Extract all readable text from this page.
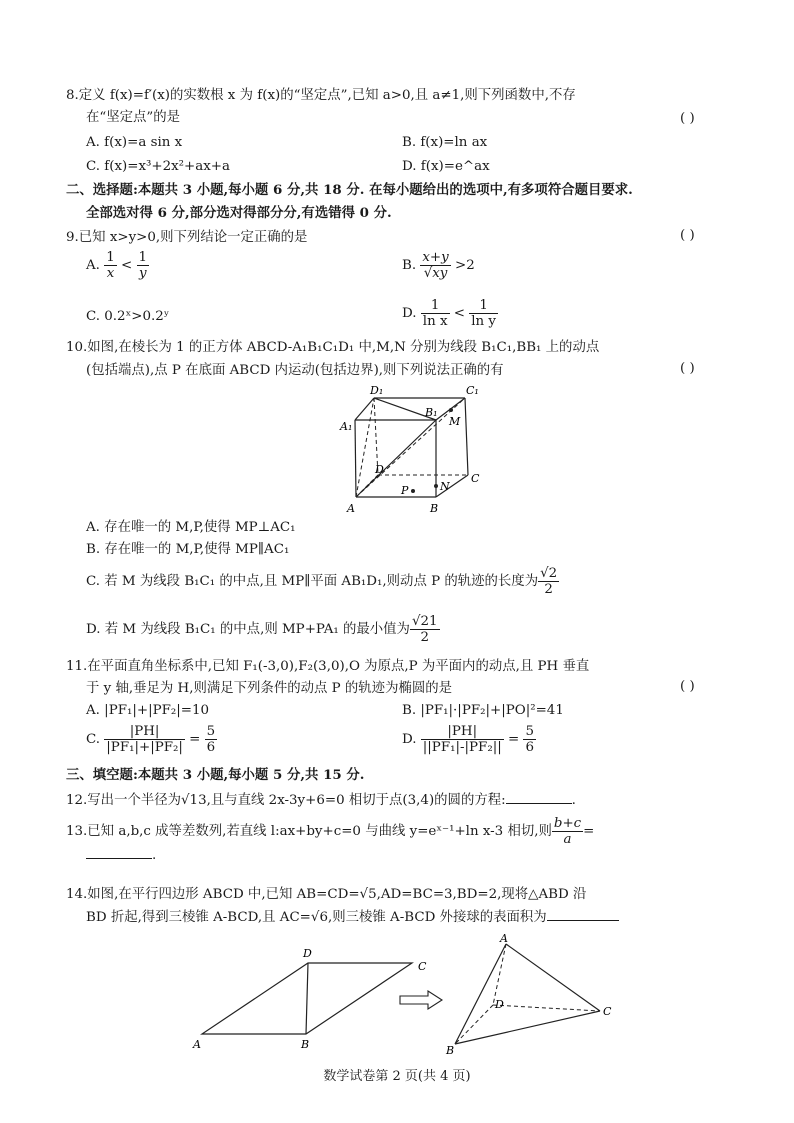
8.定义 f(x)=f′(x)的实数根 x 为 f(x)的“坚定点”,已知 a>0,且 a≠1,则下列函数中,不存
在“坚定点”的是	( )
A. f(x)=a sin x	B. f(x)=ln ax
C. f(x)=x³+2x²+ax+a	D. f(x)=e^ax
二、选择题:本题共 3 小题,每小题 6 分,共 18 分. 在每小题给出的选项中,有多项符合题目要求.
全部选对得 6 分,部分选对得部分分,有选错得 0 分.
9.已知 x>y>0,则下列结论一定正确的是	( )
A. $\frac{1}{x} < \frac{1}{y}$	B. $\frac{x+y}{√xy} >2$
C. 0.2ˣ>0.2ʸ	D. $\frac{1}{\text{ln x}} < \frac{1}{\text{ln y}}$
10.如图,在棱长为 1 的正方体 ABCD-A₁B₁C₁D₁ 中,M,N 分别为线段 B₁C₁,BB₁ 上的动点
(包括端点),点 P 在底面 ABCD 内运动(包括边界),则下列说法正确的有	( )
D₁	C₁
B₁
A₁	M
D
C
P	N
A	B
A. 存在唯一的 M,P,使得 MP⊥AC₁
B. 存在唯一的 M,P,使得 MP∥AC₁
C. 若 M 为线段 B₁C₁ 的中点,且 MP∥平面 AB₁D₁,则动点 P 的轨迹的长度为 $\frac{√2}{2}$
D. 若 M 为线段 B₁C₁ 的中点,则 MP+PA₁ 的最小值为 $\frac{√21}{2}$
11.在平面直角坐标系中,已知 F₁(-3,0),F₂(3,0),O 为原点,P 为平面内的动点,且 PH 垂直
于 y 轴,垂足为 H,则满足下列条件的动点 P 的轨迹为椭圆的是	( )
A. |PF₁|+|PF₂|=10	B. |PF₁|·|PF₂|+|PO|²=41
C. $\frac{|PH|}{\text{|PF₁|+|PF₂|}} = \frac{5}{6}$	D. $\frac{|PH|}{\text{||PF₁|-|PF₂||}} = \frac{5}{6}$
三、填空题:本题共 3 小题,每小题 5 分,共 15 分.
12.写出一个半径为√13,且与直线 2x-3y+6=0 相切于点(3,4)的圆的方程:	.
13.已知 a,b,c 成等差数列,若直线 l:ax+by+c=0 与曲线 y=eˣ⁻¹+ln x-3 相切,则 $\frac{b+c}{a}$ =
.
14.如图,在平行四边形 ABCD 中,已知 AB=CD=√5,AD=BC=3,BD=2,现将△ABD 沿
BD 折起,得到三棱锥 A-BCD,且 AC=√6,则三棱锥 A-BCD 外接球的表面积为
A	B
C
D
A
D
C
B
数学试卷第 2 页(共 4 页)
